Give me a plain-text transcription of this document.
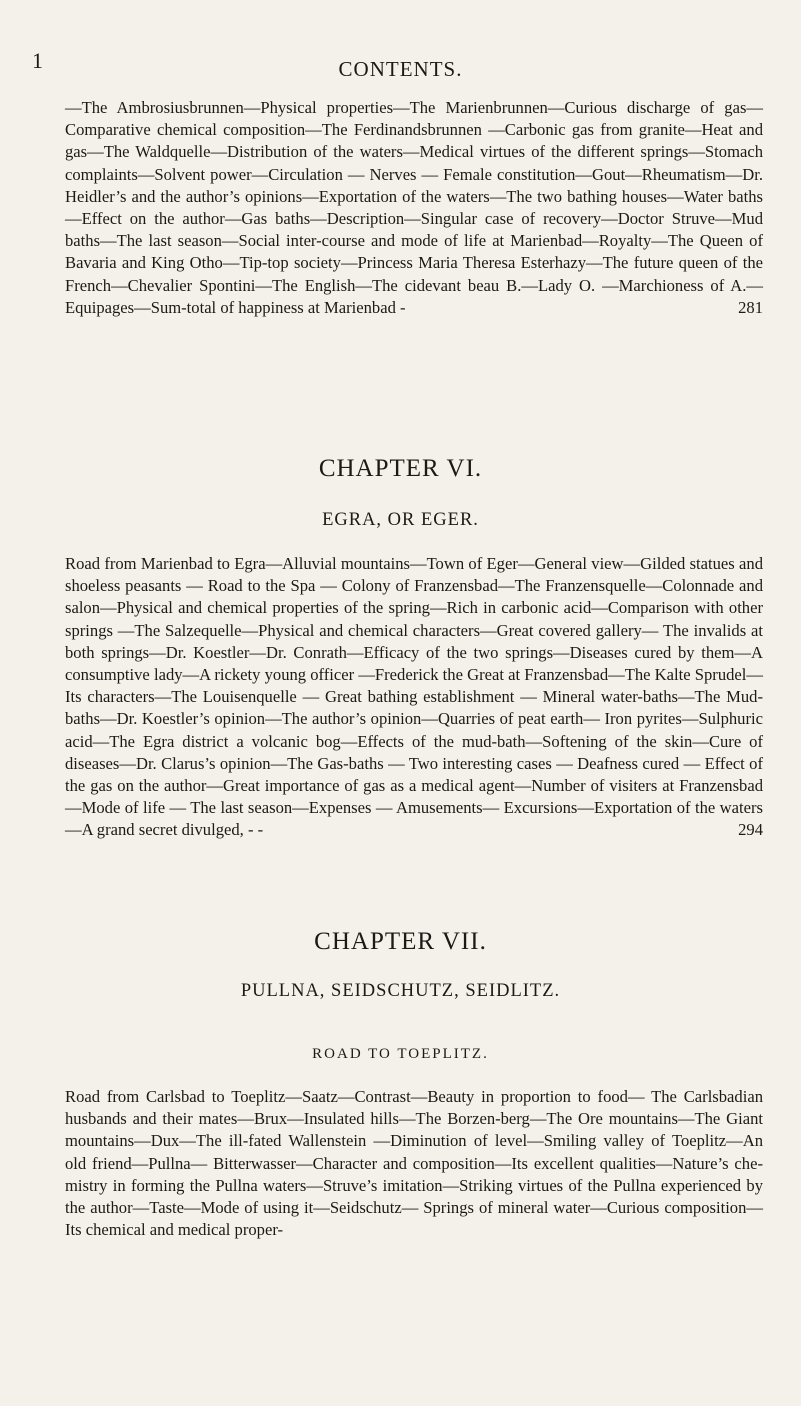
1	CONTENTS.
—The Ambrosiusbrunnen—Physical properties—The Marienbrunnen—Curious discharge of gas—Comparative chemical composition—The Ferdinandsbrunnen —Carbonic gas from granite—Heat and gas—The Waldquelle—Distribution of the waters—Medical virtues of the different springs—Stomach complaints—Solvent power—Circulation — Nerves — Female constitution—Gout—Rheumatism—Dr. Heidler’s and the author’s opinions—Exportation of the waters—The two bathing houses—Water baths—Effect on the author—Gas baths—Description—Singular case of recovery—Doctor Struve—Mud baths—The last season—Social inter-course and mode of life at Marienbad—Royalty—The Queen of Bavaria and King Otho—Tip-top society—Princess Maria Theresa Esterhazy—The future queen of the French—Chevalier Spontini—The English—The cidevant beau B.—Lady O. —Marchioness of A.—Equipages—Sum-total of happiness at Marienbad -	281
CHAPTER VI.
EGRA, OR EGER.
Road from Marienbad to Egra—Alluvial mountains—Town of Eger—General view—Gilded statues and shoeless peasants — Road to the Spa — Colony of Franzensbad—The Franzensquelle—Colonnade and salon—Physical and chemical properties of the spring—Rich in carbonic acid—Comparison with other springs —The Salzequelle—Physical and chemical characters—Great covered gallery— The invalids at both springs—Dr. Koestler—Dr. Conrath—Efficacy of the two springs—Diseases cured by them—A consumptive lady—A rickety young officer —Frederick the Great at Franzensbad—The Kalte Sprudel—Its characters—The Louisenquelle — Great bathing establishment — Mineral water-baths—The Mud-baths—Dr. Koestler’s opinion—The author’s opinion—Quarries of peat earth— Iron pyrites—Sulphuric acid—The Egra district a volcanic bog—Effects of the mud-bath—Softening of the skin—Cure of diseases—Dr. Clarus’s opinion—The Gas-baths — Two interesting cases — Deafness cured — Effect of the gas on the author—Great importance of gas as a medical agent—Number of visiters at Franzensbad—Mode of life — The last season—Expenses — Amusements— Excursions—Exportation of the waters—A grand secret divulged, - -	294
CHAPTER VII.
PULLNA, SEIDSCHUTZ, SEIDLITZ.
ROAD TO TOEPLITZ.
Road from Carlsbad to Toeplitz—Saatz—Contrast—Beauty in proportion to food— The Carlsbadian husbands and their mates—Brux—Insulated hills—The Borzen-berg—The Ore mountains—The Giant mountains—Dux—The ill-fated Wallenstein —Diminution of level—Smiling valley of Toeplitz—An old friend—Pullna— Bitterwasser—Character and composition—Its excellent qualities—Nature’s che-mistry in forming the Pullna waters—Struve’s imitation—Striking virtues of the Pullna experienced by the author—Taste—Mode of using it—Seidschutz— Springs of mineral water—Curious composition—Its chemical and medical proper-
